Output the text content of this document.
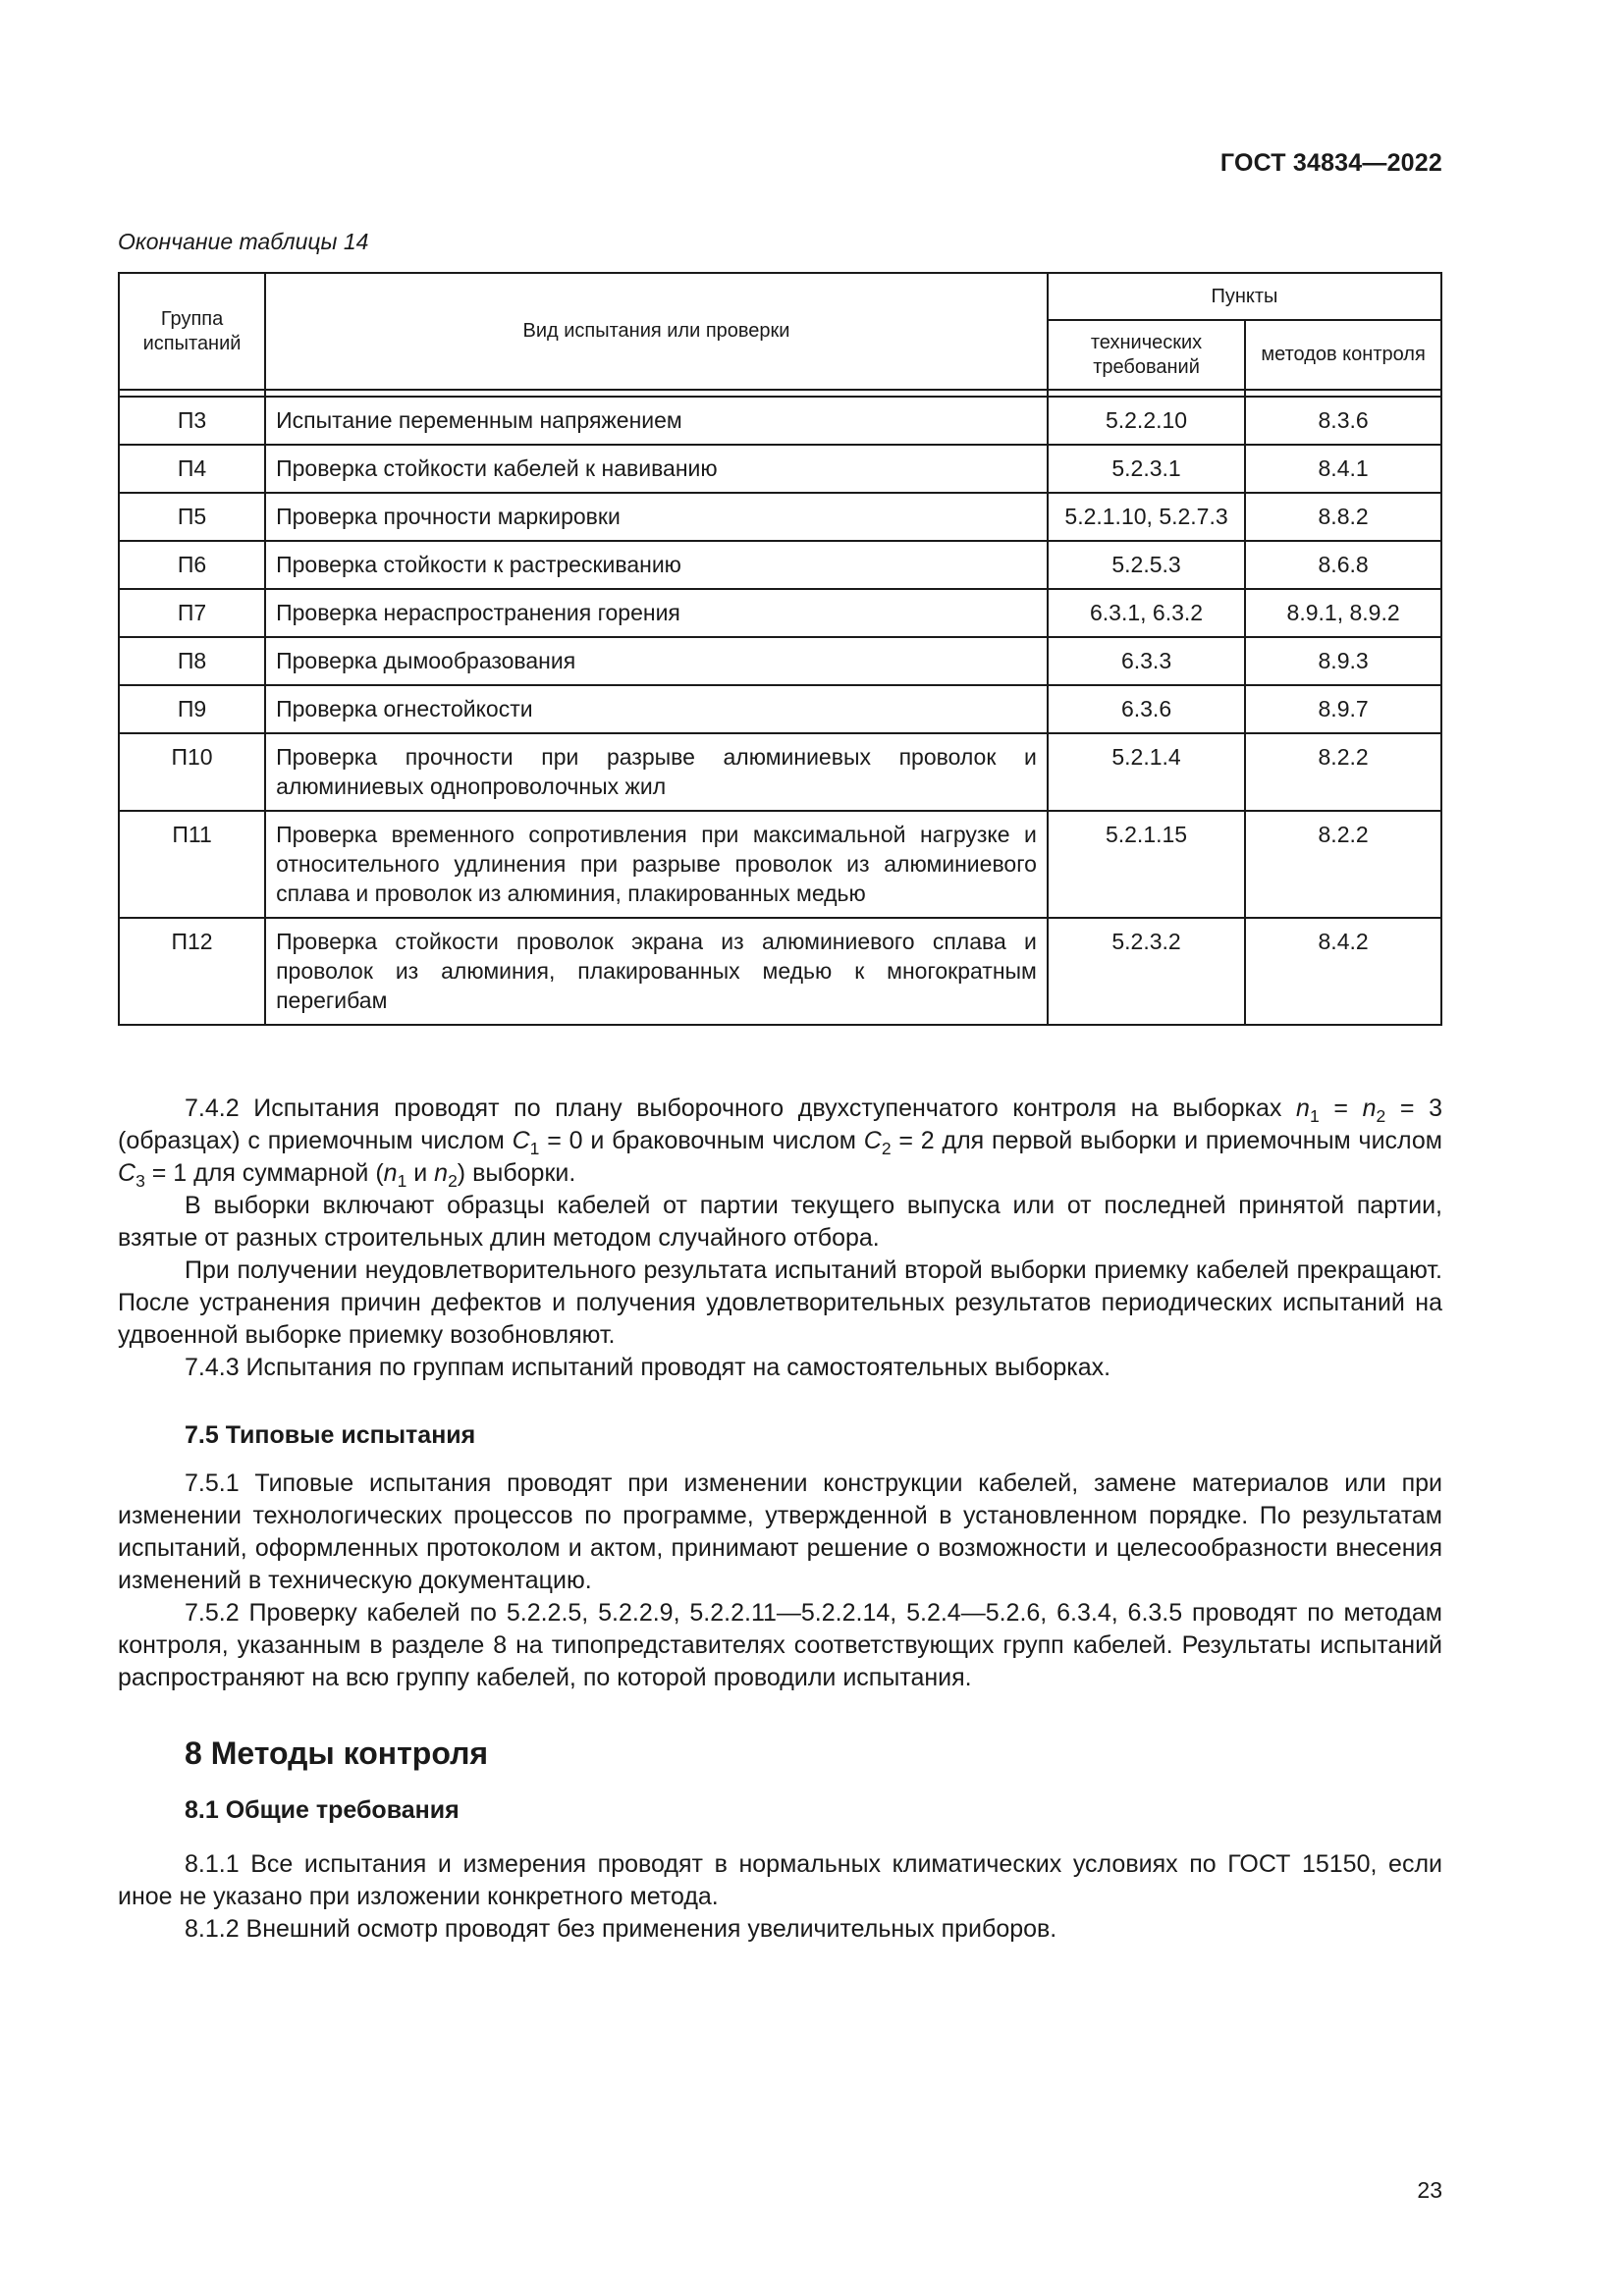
ГОСТ 34834—2022
Окончание таблицы 14
Группа испытаний	Вид испытания или проверки	Пункты	
		технических требований	методов контроля

П3	Испытание переменным напряжением	5.2.2.10	8.3.6
П4	Проверка стойкости кабелей к навиванию	5.2.3.1	8.4.1
П5	Проверка прочности маркировки	5.2.1.10, 5.2.7.3	8.8.2
П6	Проверка стойкости к растрескиванию	5.2.5.3	8.6.8
П7	Проверка нераспространения горения	6.3.1, 6.3.2	8.9.1, 8.9.2
П8	Проверка дымообразования	6.3.3	8.9.3
П9	Проверка огнестойкости	6.3.6	8.9.7
П10	Проверка прочности при разрыве алюминиевых проволок и алюминиевых однопроволочных жил	5.2.1.4	8.2.2
П11	Проверка временного сопротивления при максимальной нагрузке и относительного удлинения при разрыве проволок из алюминиевого сплава и проволок из алюминия, плакированных медью	5.2.1.15	8.2.2
П12	Проверка стойкости проволок экрана из алюминиевого сплава и проволок из алюминия, плакированных медью к многократным перегибам	5.2.3.2	8.4.2

7.4.2 Испытания проводят по плану выборочного двухступенчатого контроля на выборках $n_1 = n_2 = 3$ (образцах) с приемочным числом $C_1 = 0$ и браковочным числом $C_2 = 2$ для первой выборки и приемочным числом $C_3 = 1$ для суммарной ($n_1$ и $n_2$) выборки.

В выборки включают образцы кабелей от партии текущего выпуска или от последней принятой партии, взятые от разных строительных длин методом случайного отбора.

При получении неудовлетворительного результата испытаний второй выборки приемку кабелей прекращают. После устранения причин дефектов и получения удовлетворительных результатов периодических испытаний на удвоенной выборке приемку возобновляют.

7.4.3 Испытания по группам испытаний проводят на самостоятельных выборках.

7.5 Типовые испытания

7.5.1 Типовые испытания проводят при изменении конструкции кабелей, замене материалов или при изменении технологических процессов по программе, утвержденной в установленном порядке. По результатам испытаний, оформленных протоколом и актом, принимают решение о возможности и целесообразности внесения изменений в техническую документацию.

7.5.2 Проверку кабелей по 5.2.2.5, 5.2.2.9, 5.2.2.11—5.2.2.14, 5.2.4—5.2.6, 6.3.4, 6.3.5 проводят по методам контроля, указанным в разделе 8 на типопредставителях соответствующих групп кабелей. Результаты испытаний распространяют на всю группу кабелей, по которой проводили испытания.

8 Методы контроля
8.1 Общие требования

8.1.1 Все испытания и измерения проводят в нормальных климатических условиях по ГОСТ 15150, если иное не указано при изложении конкретного метода.

8.1.2 Внешний осмотр проводят без применения увеличительных приборов.

23
